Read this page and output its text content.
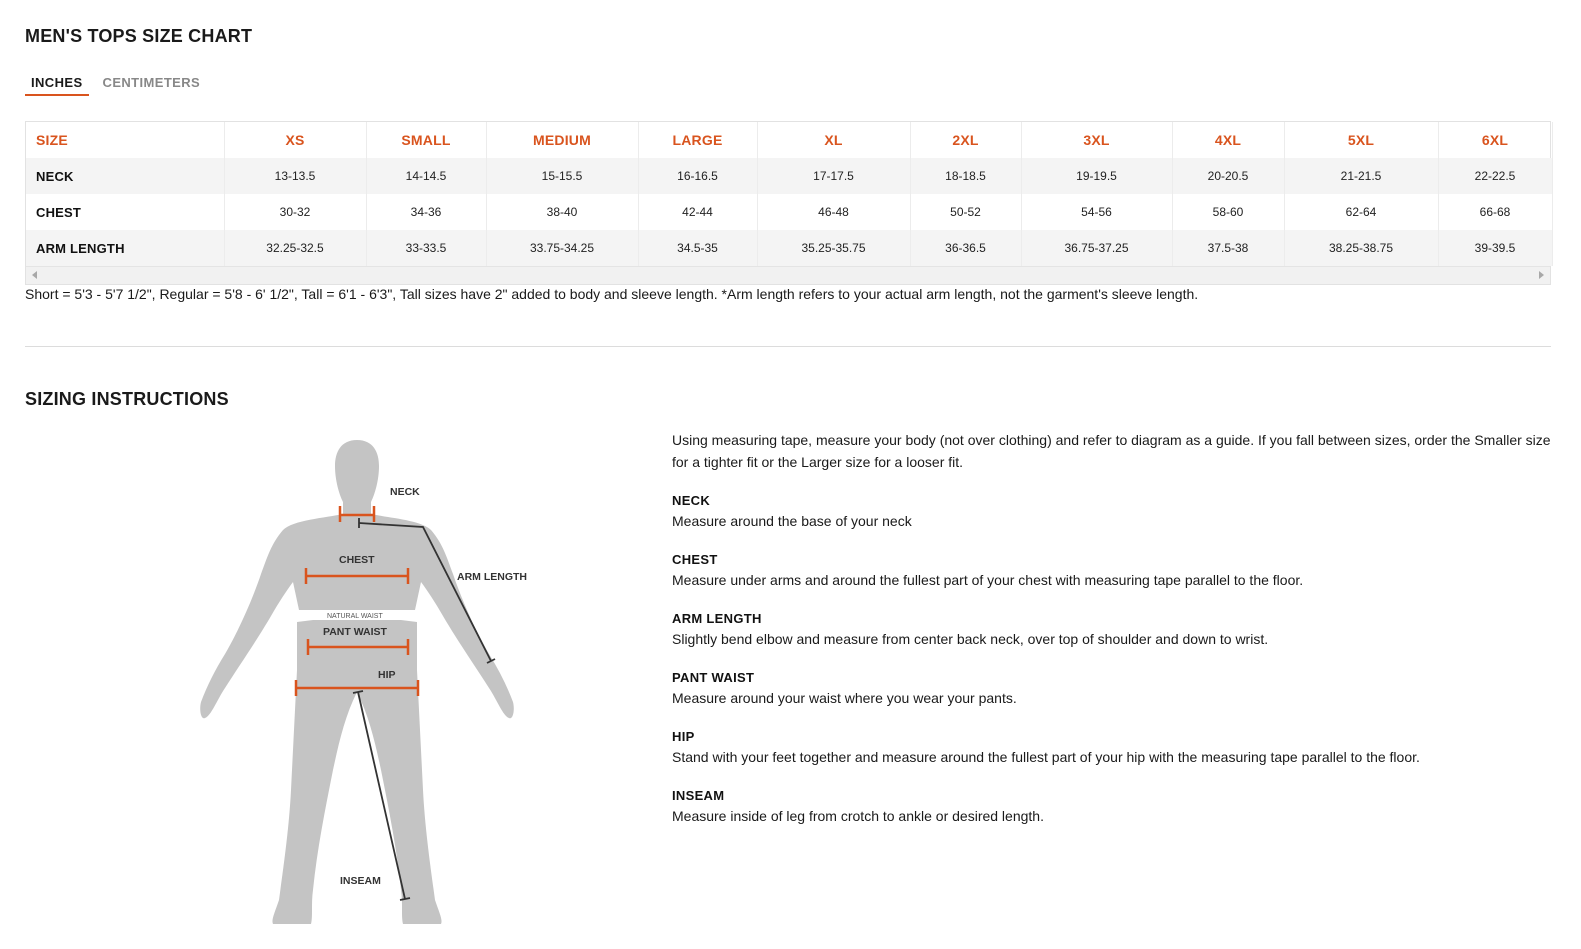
MEN'S TOPS SIZE CHART
INCHES	CENTIMETERS
SIZE	XS	SMALL	MEDIUM	LARGE	XL	2XL	3XL	4XL	5XL	6XL
NECK	13-13.5	14-14.5	15-15.5	16-16.5	17-17.5	18-18.5	19-19.5	20-20.5	21-21.5	22-22.5
CHEST	30-32	34-36	38-40	42-44	46-48	50-52	54-56	58-60	62-64	66-68
ARM LENGTH	32.25-32.5	33-33.5	33.75-34.25	34.5-35	35.25-35.75	36-36.5	36.75-37.25	37.5-38	38.25-38.75	39-39.5
Short = 5'3 - 5'7 1/2", Regular = 5'8 - 6' 1/2", Tall = 6'1 - 6'3", Tall sizes have 2" added to body and sleeve length. *Arm length refers to your actual arm length, not the garment's sleeve length.
SIZING INSTRUCTIONS
NECK
CHEST
ARM LENGTH
PANT WAIST
HIP
INSEAM
NATURAL WAIST
Using measuring tape, measure your body (not over clothing) and refer to diagram as a guide. If you fall between sizes, order the Smaller size for a tighter fit or the Larger size for a looser fit.
NECK
Measure around the base of your neck
CHEST
Measure under arms and around the fullest part of your chest with measuring tape parallel to the floor.
ARM LENGTH
Slightly bend elbow and measure from center back neck, over top of shoulder and down to wrist.
PANT WAIST
Measure around your waist where you wear your pants.
HIP
Stand with your feet together and measure around the fullest part of your hip with the measuring tape parallel to the floor.
INSEAM
Measure inside of leg from crotch to ankle or desired length.
